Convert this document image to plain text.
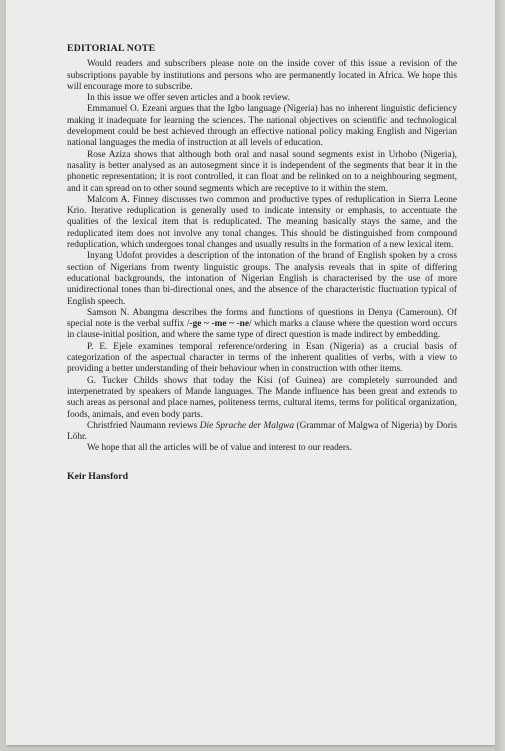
EDITORIAL NOTE

Would readers and subscribers please note on the inside cover of this issue a revision of the subscriptions payable by institutions and persons who are permanently located in Africa. We hope this will encourage more to subscribe.

In this issue we offer seven articles and a book review.

Emmanuel O. Ezeani argues that the Igbo language (Nigeria) has no inherent linguistic deficiency making it inadequate for learning the sciences. The national objectives on scientific and technological development could be best achieved through an effective national policy making English and Nigerian national languages the media of instruction at all levels of education.

Rose Aziza shows that although both oral and nasal sound segments exist in Urhobo (Nigeria), nasality is better analysed as an autosegment since it is independent of the segments that bear it in the phonetic representation; it is root controlled, it can float and be relinked on to a neighbouring segment, and it can spread on to other sound segments which are receptive to it within the stem.

Malcom A. Finney discusses two common and productive types of reduplication in Sierra Leone Krio. Iterative reduplication is generally used to indicate intensity or emphasis, to accentuate the qualities of the lexical item that is reduplicated. The meaning basically stays the same, and the reduplicated item does not involve any tonal changes. This should be distinguished from compound reduplication, which undergoes tonal changes and usually results in the formation of a new lexical item.

Inyang Udofot provides a description of the intonation of the brand of English spoken by a cross section of Nigerians from twenty linguistic groups. The analysis reveals that in spite of differing educational backgrounds, the intonation of Nigerian English is characterised by the use of more unidirectional tones than bi-directional ones, and the absence of the characteristic fluctuation typical of English speech.

Samson N. Abangma describes the forms and functions of questions in Denya (Cameroun). Of special note is the verbal suffix /-ge ~ -me ~ -ne/ which marks a clause where the question word occurs in clause-initial position, and where the same type of direct question is made indirect by embedding.

P. E. Ejele examines temporal reference/ordering in Esan (Nigeria) as a crucial basis of categorization of the aspectual character in terms of the inherent qualities of verbs, with a view to providing a better understanding of their behaviour when in construction with other items.

G. Tucker Childs shows that today the Kisi (of Guinea) are completely surrounded and interpenetrated by speakers of Mande languages. The Mande influence has been great and extends to such areas as personal and place names, politeness terms, cultural items, terms for political organization, foods, animals, and even body parts.

Christfried Naumann reviews Die Sprache der Malgwa (Grammar of Malgwa of Nigeria) by Doris Löhr.

We hope that all the articles will be of value and interest to our readers.

Keir Hansford
